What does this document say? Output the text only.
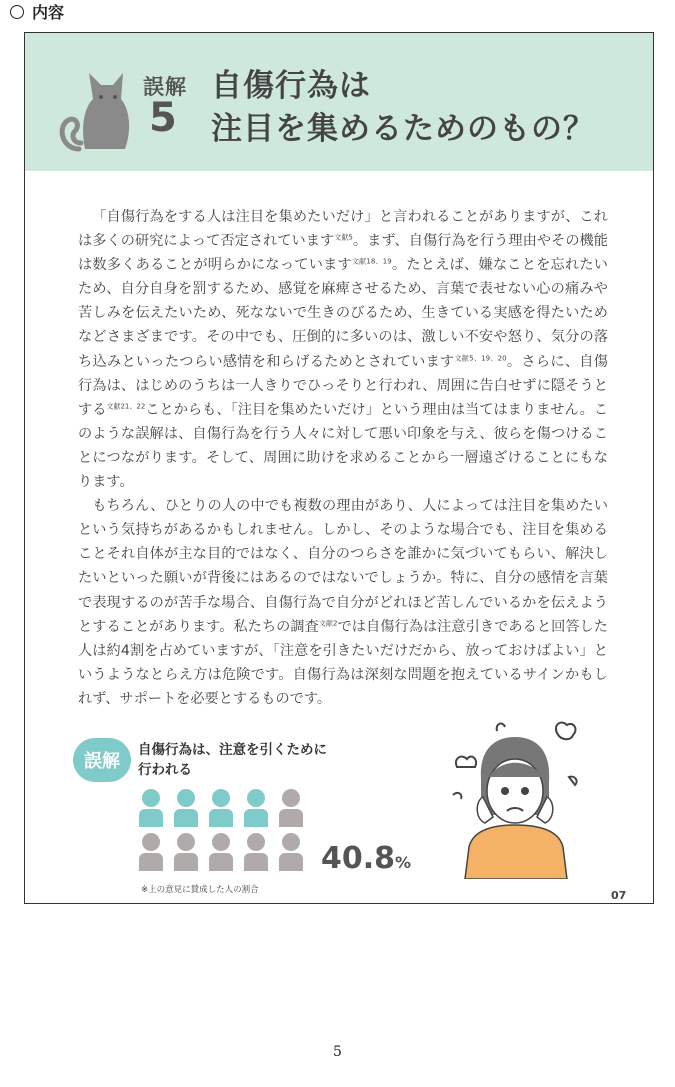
内容
誤解
5
自傷行為は
注目を集めるためのもの？

「自傷行為をする人は注目を集めたいだけ」と言われることがありますが、これは多くの研究によって否定されています$^{文献5}$。まず、自傷行為を行う理由やその機能は数多くあることが明らかになっています$^{文献18、19}$。たとえば、嫌なことを忘れたいため、自分自身を罰するため、感覚を麻痺させるため、言葉で表せない心の痛みや苦しみを伝えたいため、死なないで生きのびるため、生きている実感を得たいためなどさまざまです。その中でも、圧倒的に多いのは、激しい不安や怒り、気分の落ち込みといったつらい感情を和らげるためとされています$^{文献5、19、20}$。さらに、自傷行為は、はじめのうちは一人きりでひっそりと行われ、周囲に告白せずに隠そうとする$^{文献21、22}$ことからも、「注目を集めたいだけ」という理由は当てはまりません。このような誤解は、自傷行為を行う人々に対して悪い印象を与え、彼らを傷つけることにつながります。そして、周囲に助けを求めることから一層遠ざけることにもなります。

もちろん、ひとりの人の中でも複数の理由があり、人によっては注目を集めたいという気持ちがあるかもしれません。しかし、そのような場合でも、注目を集めることそれ自体が主な目的ではなく、自分のつらさを誰かに気づいてもらい、解決したいといった願いが背後にはあるのではないでしょうか。特に、自分の感情を言葉で表現するのが苦手な場合、自傷行為で自分がどれほど苦しんでいるかを伝えようとすることがあります。私たちの調査$^{文献2}$では自傷行為は注意引きであると回答した人は約4割を占めていますが、「注意を引きたいだけだから、放っておけばよい」というようなとらえ方は危険です。自傷行為は深刻な問題を抱えているサインかもしれず、サポートを必要とするものです。

誤解
自傷行為は、注意を引くために
行われる
40.8%
※上の意見に賛成した人の割合	07
5
